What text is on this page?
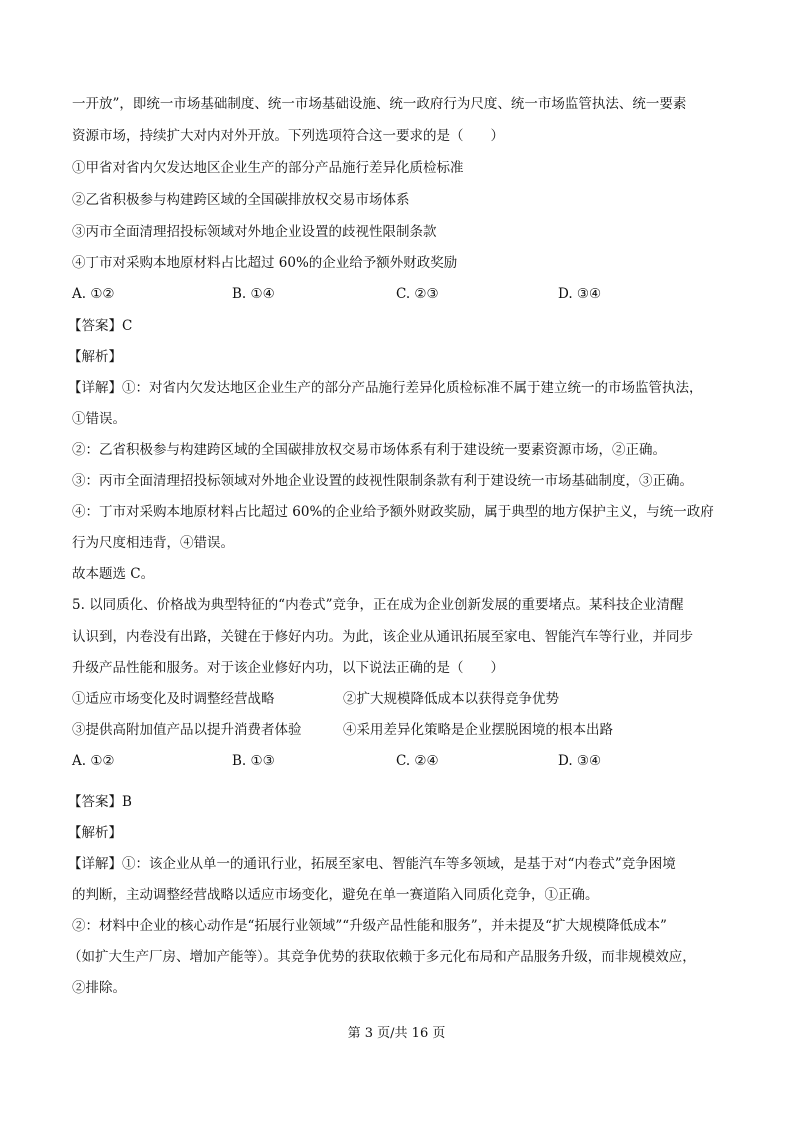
一开放”，即统一市场基础制度、统一市场基础设施、统一政府行为尺度、统一市场监管执法、统一要素
资源市场，持续扩大对内对外开放。下列选项符合这一要求的是（　　）
①甲省对省内欠发达地区企业生产的部分产品施行差异化质检标准
②乙省积极参与构建跨区域的全国碳排放权交易市场体系
③丙市全面清理招投标领域对外地企业设置的歧视性限制条款
④丁市对采购本地原材料占比超过 60%的企业给予额外财政奖励
A. ①②	B. ①④	C. ②③	D. ③④
【答案】C
【解析】
【详解】①：对省内欠发达地区企业生产的部分产品施行差异化质检标准不属于建立统一的市场监管执法，
①错误。
②：乙省积极参与构建跨区域的全国碳排放权交易市场体系有利于建设统一要素资源市场，②正确。
③：丙市全面清理招投标领域对外地企业设置的歧视性限制条款有利于建设统一市场基础制度，③正确。
④：丁市对采购本地原材料占比超过 60%的企业给予额外财政奖励，属于典型的地方保护主义，与统一政府
行为尺度相违背，④错误。
故本题选 C。
5. 以同质化、价格战为典型特征的“内卷式”竞争，正在成为企业创新发展的重要堵点。某科技企业清醒
认识到，内卷没有出路，关键在于修好内功。为此，该企业从通讯拓展至家电、智能汽车等行业，并同步
升级产品性能和服务。对于该企业修好内功，以下说法正确的是（　　）
①适应市场变化及时调整经营战略	②扩大规模降低成本以获得竞争优势
③提供高附加值产品以提升消费者体验	④采用差异化策略是企业摆脱困境的根本出路
A. ①②	B. ①③	C. ②④	D. ③④
【答案】B
【解析】
【详解】①：该企业从单一的通讯行业，拓展至家电、智能汽车等多领域，是基于对“内卷式”竞争困境
的判断，主动调整经营战略以适应市场变化，避免在单一赛道陷入同质化竞争，①正确。
②：材料中企业的核心动作是“拓展行业领域”“升级产品性能和服务”，并未提及“扩大规模降低成本”
（如扩大生产厂房、增加产能等）。其竞争优势的获取依赖于多元化布局和产品服务升级，而非规模效应，
②排除。
第 3 页/共 16 页
